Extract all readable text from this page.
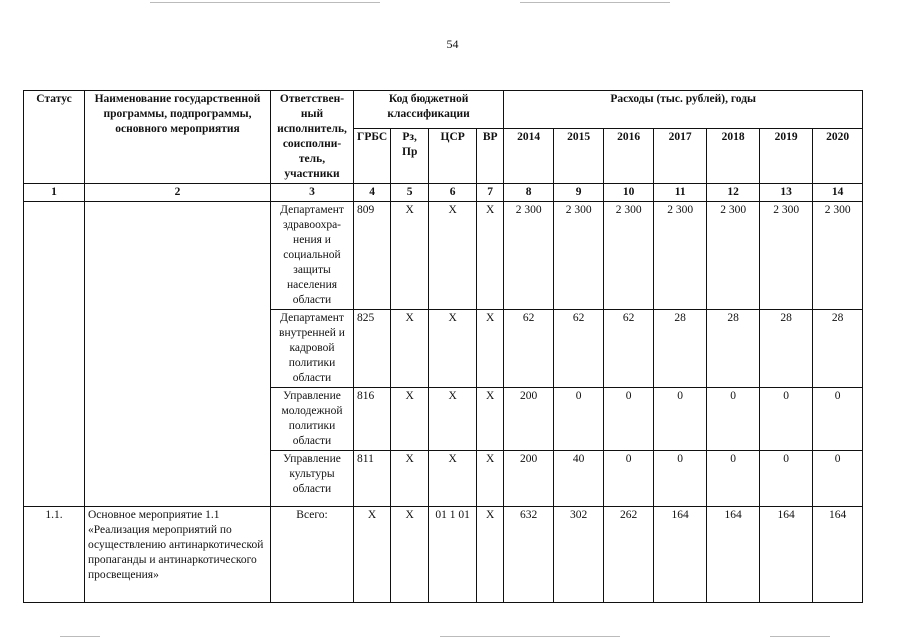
54
Статус	Наименование государственной программы, подпрограммы, основного мероприятия	Ответствен-ный исполнитель, соисполни-тель, участники	Код бюджетной классификации				Расходы (тыс. рублей), годы						
			ГРБС	Рз, Пр	ЦСР	ВР	2014	2015	2016	2017	2018	2019	2020
1	2	3	4	5	6	7	8	9	10	11	12	13	14
		Департамент здравоохра-нения и социальной защиты населения области	809	Х	Х	Х	2 300	2 300	2 300	2 300	2 300	2 300	2 300
		Департамент внутренней и кадровой политики области	825	Х	Х	Х	62	62	62	28	28	28	28
		Управление молодежной политики области	816	Х	Х	Х	200	0	0	0	0	0	0
		Управление культуры области	811	Х	Х	Х	200	40	0	0	0	0	0
1.1.	Основное мероприятие 1.1 «Реализация мероприятий по осуществлению антинаркотической пропаганды и антинаркотического просвещения»	Всего:	Х	Х	01 1 01	Х	632	302	262	164	164	164	164
